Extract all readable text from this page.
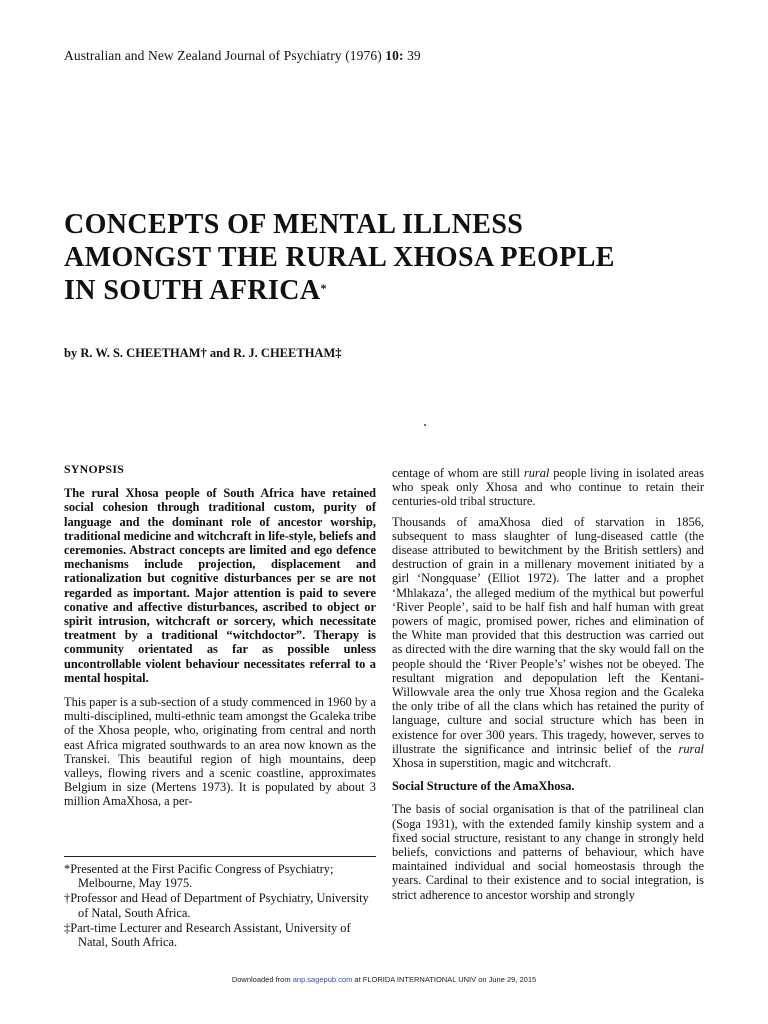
Australian and New Zealand Journal of Psychiatry (1976) 10: 39
CONCEPTS OF MENTAL ILLNESS
AMONGST THE RURAL XHOSA PEOPLE
IN SOUTH AFRICA*
by R. W. S. CHEETHAM† and R. J. CHEETHAM‡
SYNOPSIS

The rural Xhosa people of South Africa have retained social cohesion through traditional custom, purity of language and the dominant role of ancestor worship, traditional medicine and witchcraft in life-style, beliefs and ceremonies. Abstract concepts are limited and ego defence mechanisms include projection, displacement and rationalization but cognitive disturbances per se are not regarded as important. Major attention is paid to severe conative and affective disturbances, ascribed to object or spirit intrusion, witchcraft or sorcery, which necessitate treatment by a traditional “witchdoctor”. Therapy is community orientated as far as possible unless uncontrollable violent behaviour necessitates referral to a mental hospital.

This paper is a sub-section of a study commenced in 1960 by a multi-disciplined, multi-ethnic team amongst the Gcaleka tribe of the Xhosa people, who, originating from central and north east Africa migrated southwards to an area now known as the Transkei. This beautiful region of high mountains, deep valleys, flowing rivers and a scenic coastline, approximates Belgium in size (Mertens 1973). It is populated by about 3 million AmaXhosa, a per-

*Presented at the First Pacific Congress of Psychiatry; Melbourne, May 1975.

†Professor and Head of Department of Psychiatry, University of Natal, South Africa.

‡Part-time Lecturer and Research Assistant, University of Natal, South Africa.

centage of whom are still rural people living in isolated areas who speak only Xhosa and who continue to retain their centuries-old tribal structure.

Thousands of amaXhosa died of starvation in 1856, subsequent to mass slaughter of lung-diseased cattle (the disease attributed to bewitchment by the British settlers) and destruction of grain in a millenary movement initiated by a girl ‘Nongquase’ (Elliot 1972). The latter and a prophet ‘Mhlakaza’, the alleged medium of the mythical but powerful ‘River People’, said to be half fish and half human with great powers of magic, promised power, riches and elimination of the White man provided that this destruction was carried out as directed with the dire warning that the sky would fall on the people should the ‘River People’s’ wishes not be obeyed. The resultant migration and depopulation left the Kentani-Willowvale area the only true Xhosa region and the Gcaleka the only tribe of all the clans which has retained the purity of language, culture and social structure which has been in existence for over 300 years. This tragedy, however, serves to illustrate the significance and intrinsic belief of the rural Xhosa in superstition, magic and witchcraft.

Social Structure of the AmaXhosa.

The basis of social organisation is that of the patrilineal clan (Soga 1931), with the extended family kinship system and a fixed social structure, resistant to any change in strongly held beliefs, convictions and patterns of behaviour, which have maintained individual and social homeostasis through the years. Cardinal to their existence and to social integration, is strict adherence to ancestor worship and strongly

Downloaded from anp.sagepub.com at FLORIDA INTERNATIONAL UNIV on June 29, 2015
